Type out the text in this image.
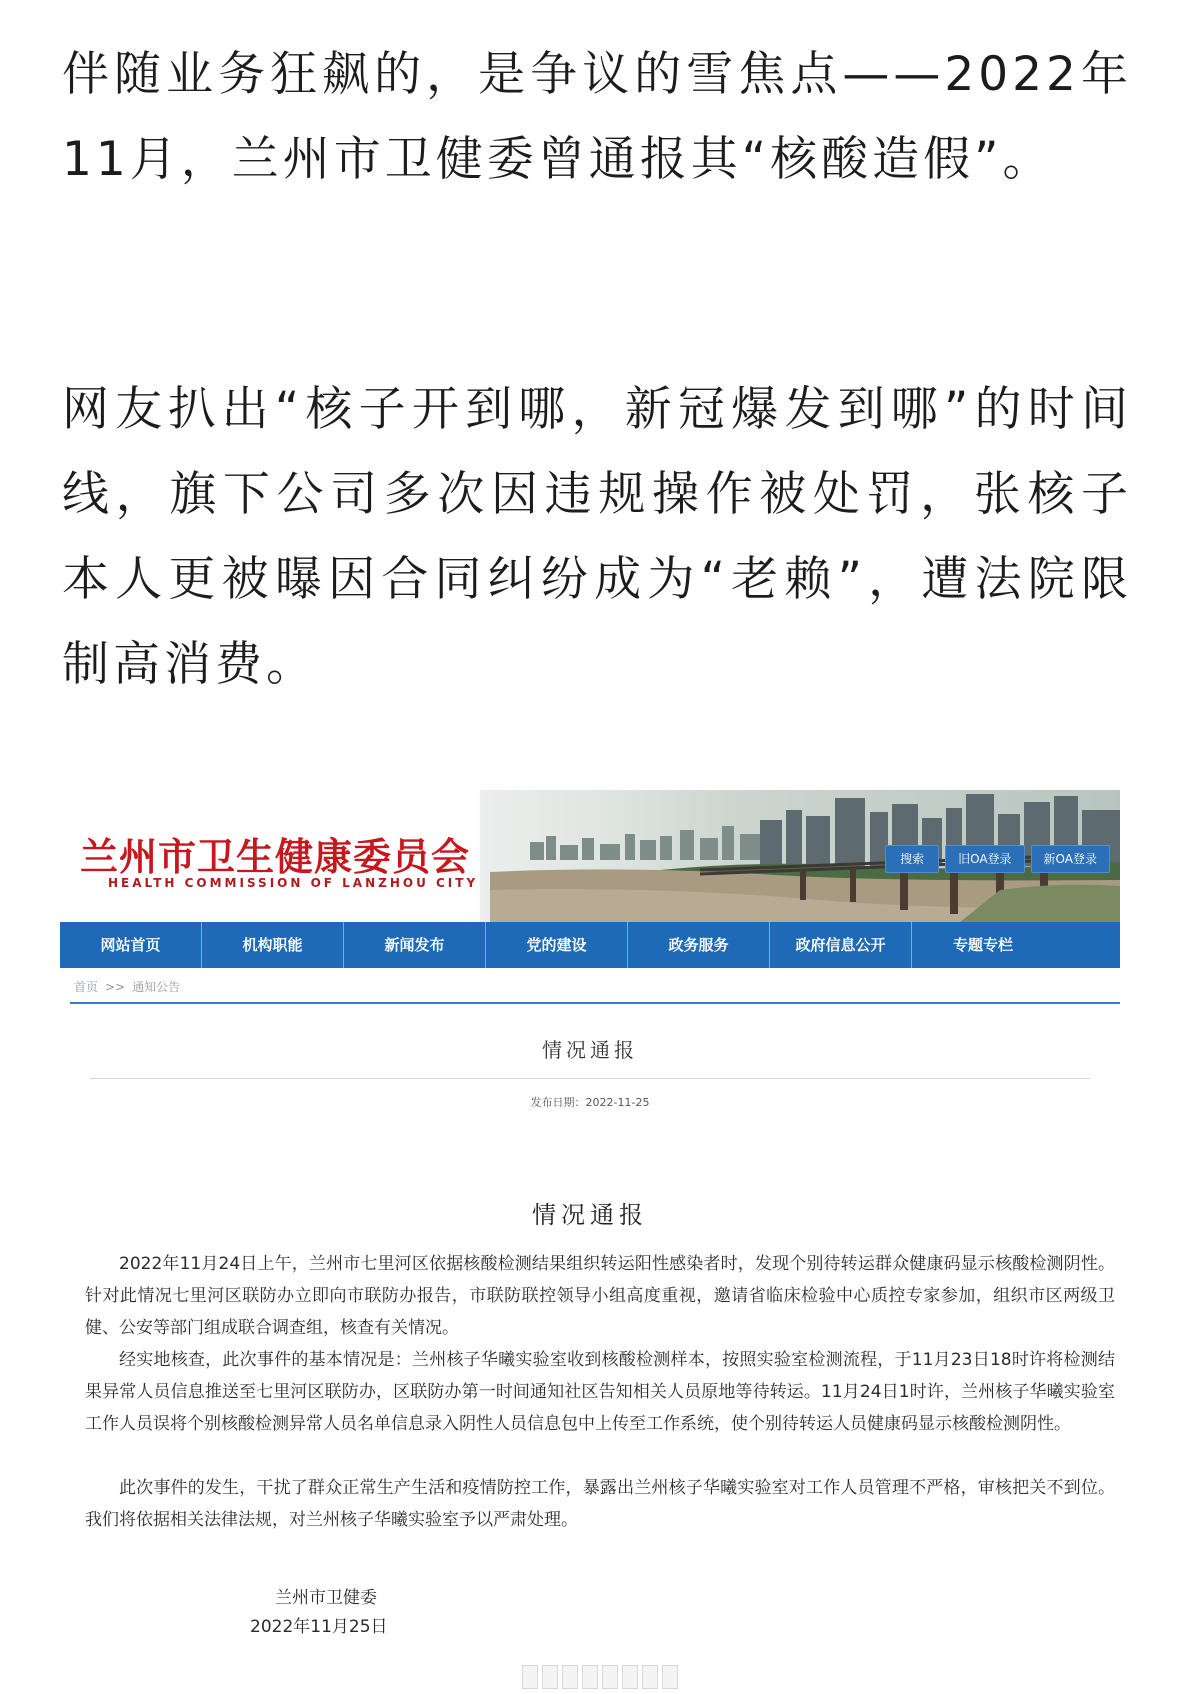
伴随业务狂飙的，是争议的雪焦点——2022年11月，兰州市卫健委曾通报其“核酸造假”。

网友扒出“核子开到哪，新冠爆发到哪”的时间线，旗下公司多次因违规操作被处罚，张核子本人更被曝因合同纠纷成为“老赖”，遭法院限制高消费。

兰州市卫生健康委员会
HEALTH COMMISSION OF LANZHOU CITY
搜索	旧OA登录	新OA登录
网站首页	机构职能	新闻发布	党的建设	政务服务	政府信息公开	专题专栏
首页 >> 通知公告
情况通报
发布日期：2022-11-25
情况通报

2022年11月24日上午，兰州市七里河区依据核酸检测结果组织转运阳性感染者时，发现个别待转运群众健康码显示核酸检测阴性。针对此情况七里河区联防办立即向市联防办报告，市联防联控领导小组高度重视，邀请省临床检验中心质控专家参加，组织市区两级卫健、公安等部门组成联合调查组，核查有关情况。

经实地核查，此次事件的基本情况是：兰州核子华曦实验室收到核酸检测样本，按照实验室检测流程，于11月23日18时许将检测结果异常人员信息推送至七里河区联防办，区联防办第一时间通知社区告知相关人员原地等待转运。11月24日1时许，兰州核子华曦实验室工作人员误将个别核酸检测异常人员名单信息录入阴性人员信息包中上传至工作系统，使个别待转运人员健康码显示核酸检测阴性。

此次事件的发生，干扰了群众正常生产生活和疫情防控工作，暴露出兰州核子华曦实验室对工作人员管理不严格，审核把关不到位。我们将依据相关法律法规，对兰州核子华曦实验室予以严肃处理。

兰州市卫健委
2022年11月25日
